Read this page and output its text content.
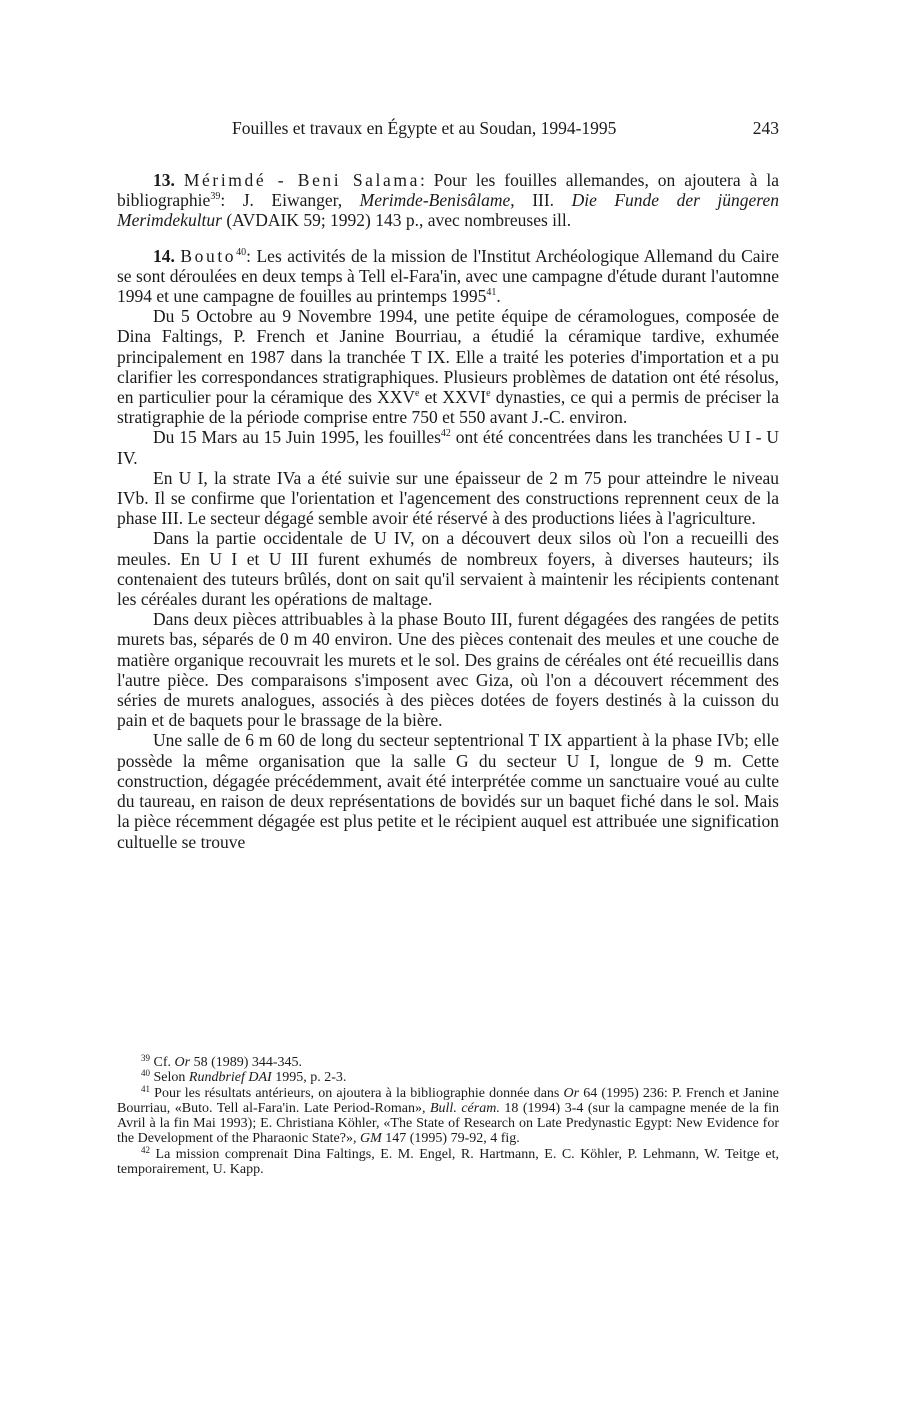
Fouilles et travaux en Égypte et au Soudan, 1994-1995	243

13. Mérimdé - Beni Salama: Pour les fouilles allemandes, on ajoutera à la bibliographie$^{39}$: J. Eiwanger, Merimde-Benisâlame, III. Die Funde der jüngeren Merimdekultur (AVDAIK 59; 1992) 143 p., avec nombreuses ill.

14. Bouto$^{40}$: Les activités de la mission de l'Institut Archéologique Allemand du Caire se sont déroulées en deux temps à Tell el-Fara'in, avec une campagne d'étude durant l'automne 1994 et une campagne de fouilles au printemps 1995$^{41}$.

Du 5 Octobre au 9 Novembre 1994, une petite équipe de céramologues, composée de Dina Faltings, P. French et Janine Bourriau, a étudié la céramique tardive, exhumée principalement en 1987 dans la tranchée T IX. Elle a traité les poteries d'importation et a pu clarifier les correspondances stratigraphiques. Plusieurs problèmes de datation ont été résolus, en particulier pour la céramique des XXVe et XXVIe dynasties, ce qui a permis de préciser la stratigraphie de la période comprise entre 750 et 550 avant J.-C. environ.

Du 15 Mars au 15 Juin 1995, les fouilles$^{42}$ ont été concentrées dans les tranchées U I - U IV.

En U I, la strate IVa a été suivie sur une épaisseur de 2 m 75 pour atteindre le niveau IVb. Il se confirme que l'orientation et l'agencement des constructions reprennent ceux de la phase III. Le secteur dégagé semble avoir été réservé à des productions liées à l'agriculture.

Dans la partie occidentale de U IV, on a découvert deux silos où l'on a recueilli des meules. En U I et U III furent exhumés de nombreux foyers, à diverses hauteurs; ils contenaient des tuteurs brûlés, dont on sait qu'il servaient à maintenir les récipients contenant les céréales durant les opérations de maltage.

Dans deux pièces attribuables à la phase Bouto III, furent dégagées des rangées de petits murets bas, séparés de 0 m 40 environ. Une des pièces contenait des meules et une couche de matière organique recouvrait les murets et le sol. Des grains de céréales ont été recueillis dans l'autre pièce. Des comparaisons s'imposent avec Giza, où l'on a découvert récemment des séries de murets analogues, associés à des pièces dotées de foyers destinés à la cuisson du pain et de baquets pour le brassage de la bière.

Une salle de 6 m 60 de long du secteur septentrional T IX appartient à la phase IVb; elle possède la même organisation que la salle G du secteur U I, longue de 9 m. Cette construction, dégagée précédemment, avait été interprétée comme un sanctuaire voué au culte du taureau, en raison de deux représentations de bovidés sur un baquet fiché dans le sol. Mais la pièce récemment dégagée est plus petite et le récipient auquel est attribuée une signification cultuelle se trouve

$^{39}$ Cf. Or 58 (1989) 344-345.

$^{40}$ Selon Rundbrief DAI 1995, p. 2-3.

$^{41}$ Pour les résultats antérieurs, on ajoutera à la bibliographie donnée dans Or 64 (1995) 236: P. French et Janine Bourriau, «Buto. Tell al-Fara'in. Late Period-Roman», Bull. céram. 18 (1994) 3-4 (sur la campagne menée de la fin Avril à la fin Mai 1993); E. Christiana Köhler, «The State of Research on Late Predynastic Egypt: New Evidence for the Development of the Pharaonic State?», GM 147 (1995) 79-92, 4 fig.

$^{42}$ La mission comprenait Dina Faltings, E. M. Engel, R. Hartmann, E. C. Köhler, P. Lehmann, W. Teitge et, temporairement, U. Kapp.
